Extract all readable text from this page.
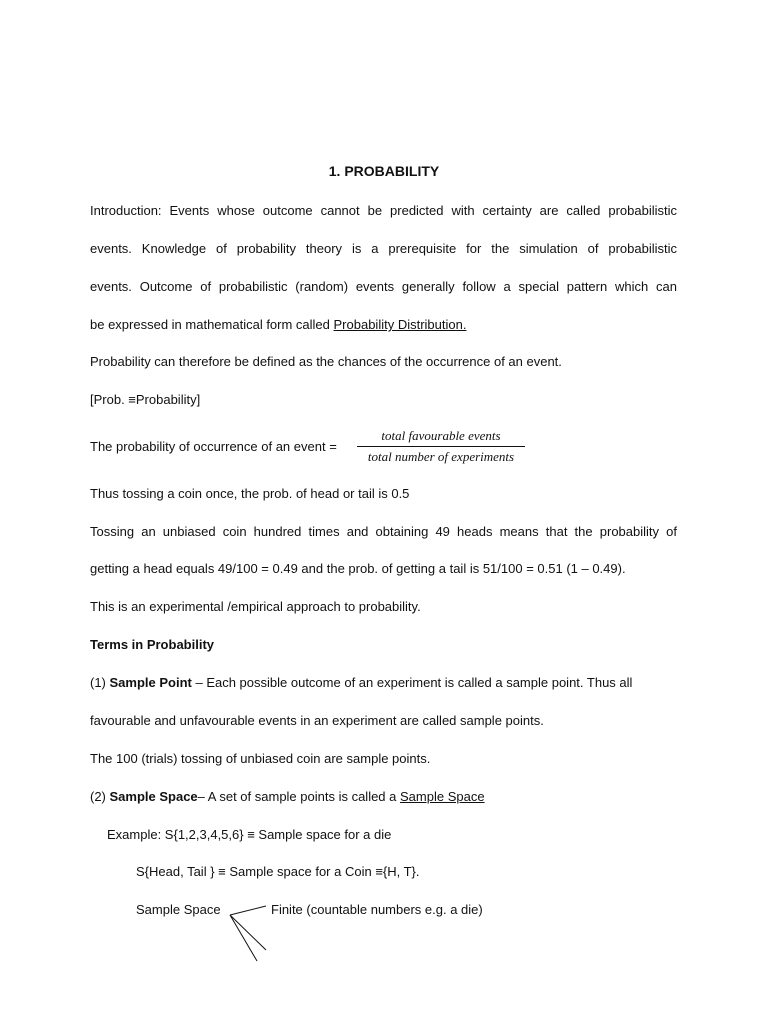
1. PROBABILITY
Introduction: Events whose outcome cannot be predicted with certainty are called probabilistic
events. Knowledge of probability theory is a prerequisite for the simulation of probabilistic
events. Outcome of probabilistic (random) events generally follow a special pattern which can
be expressed in mathematical form called Probability Distribution.
Probability can therefore be defined as the chances of the occurrence of an event.
[Prob. ≡Probability]
The probability of occurrence of an event =
total favourable events
total number of experiments
Thus tossing a coin once, the prob. of head or tail is 0.5
Tossing an unbiased coin hundred times and obtaining 49 heads means that the probability of
getting a head equals 49/100 = 0.49 and the prob. of getting a tail is 51/100 = 0.51 (1 – 0.49).
This is an experimental /empirical approach to probability.
Terms in Probability
(1) Sample Point – Each possible outcome of an experiment is called a sample point. Thus all
favourable and unfavourable events in an experiment are called sample points.
The 100 (trials) tossing of unbiased coin are sample points.
(2) Sample Space– A set of sample points is called a Sample Space
Example: S{1,2,3,4,5,6} ≡ Sample space for a die
S{Head, Tail } ≡ Sample space for a Coin ≡{H, T}.
Sample Space	Finite (countable numbers e.g. a die)
